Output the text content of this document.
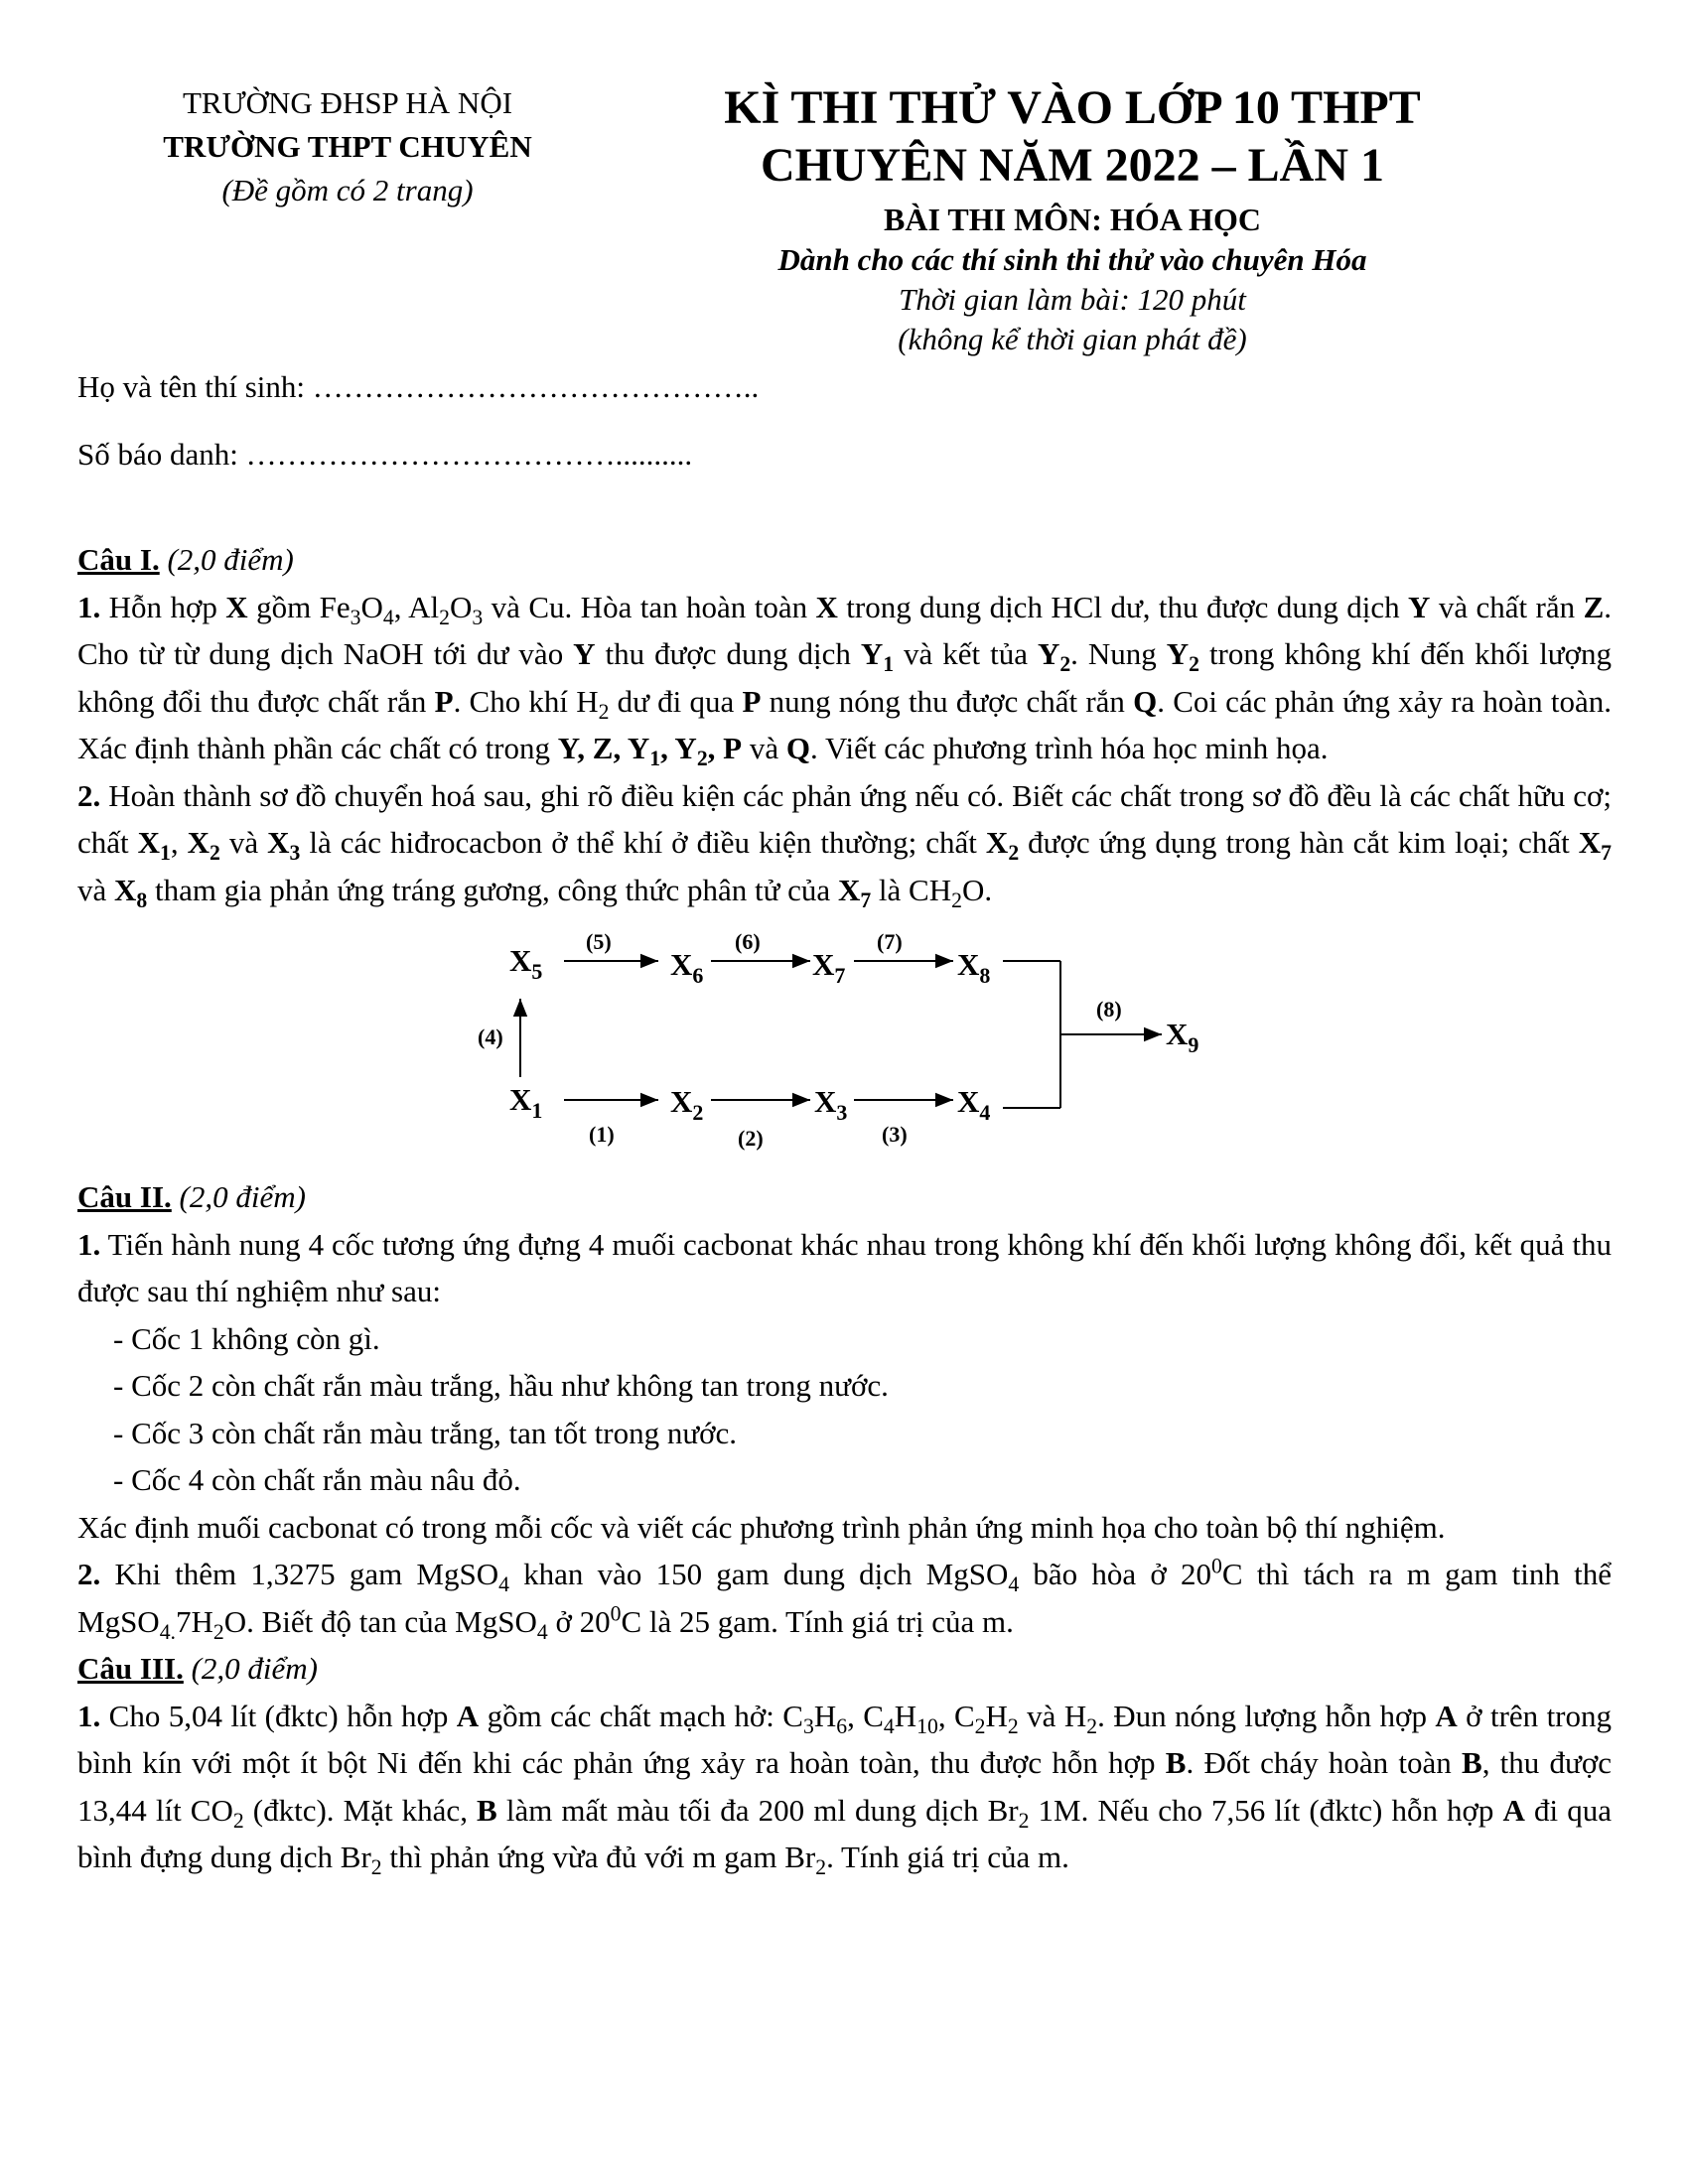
TRƯỜNG ĐHSP HÀ NỘI
TRƯỜNG THPT CHUYÊN
(Đề gồm có 2 trang)
KÌ THI THỬ VÀO LỚP 10 THPT
CHUYÊN NĂM 2022 – LẦN 1
BÀI THI MÔN: HÓA HỌC
Dành cho các thí sinh thi thử vào chuyên Hóa
Thời gian làm bài: 120 phút
(không kể thời gian phát đề)
Họ và tên thí sinh: ……………………………………..
Số báo danh: ………………………………..........

Câu I. (2,0 điểm)

1. Hỗn hợp X gồm $Fe_3O_4$, $Al_2O_3$ và Cu. Hòa tan hoàn toàn X trong dung dịch HCl dư, thu được dung dịch Y và chất rắn Z. Cho từ từ dung dịch NaOH tới dư vào Y thu được dung dịch $Y_1$ và kết tủa $Y_2$. Nung $Y_2$ trong không khí đến khối lượng không đổi thu được chất rắn P. Cho khí $H_2$ dư đi qua P nung nóng thu được chất rắn Q. Coi các phản ứng xảy ra hoàn toàn. Xác định thành phần các chất có trong Y, Z, $Y_1$, $Y_2$, P và Q. Viết các phương trình hóa học minh họa.

2. Hoàn thành sơ đồ chuyển hoá sau, ghi rõ điều kiện các phản ứng nếu có. Biết các chất trong sơ đồ đều là các chất hữu cơ; chất $X_1$, $X_2$ và $X_3$ là các hiđrocacbon ở thể khí ở điều kiện thường; chất $X_2$ được ứng dụng trong hàn cắt kim loại; chất $X_7$ và $X_8$ tham gia phản ứng tráng gương, công thức phân tử của $X_7$ là $CH_2O$.

$X_5$
(5)
$X_6$
(6)
$X_7$
(7)
$X_8$
(8)
$X_9$
(4)
$X_1$
(1)
$X_2$
(2)
$X_3$
(3)
$X_4$

Câu II. (2,0 điểm)

1. Tiến hành nung 4 cốc tương ứng đựng 4 muối cacbonat khác nhau trong không khí đến khối lượng không đổi, kết quả thu được sau thí nghiệm như sau:

- Cốc 1 không còn gì.
- Cốc 2 còn chất rắn màu trắng, hầu như không tan trong nước.
- Cốc 3 còn chất rắn màu trắng, tan tốt trong nước.
- Cốc 4 còn chất rắn màu nâu đỏ.

Xác định muối cacbonat có trong mỗi cốc và viết các phương trình phản ứng minh họa cho toàn bộ thí nghiệm.

2. Khi thêm 1,3275 gam MgSO$_4$ khan vào 150 gam dung dịch MgSO$_4$ bão hòa ở $20^0C$ thì tách ra m gam tinh thể $MgSO_{4.}7H_2O$. Biết độ tan của MgSO$_4$ ở $20^0C$ là 25 gam. Tính giá trị của m.

Câu III. (2,0 điểm)

1. Cho 5,04 lít (đktc) hỗn hợp A gồm các chất mạch hở: $C_3H_6$, $C_4H_{10}$, $C_2H_2$ và $H_2$. Đun nóng lượng hỗn hợp A ở trên trong bình kín với một ít bột Ni đến khi các phản ứng xảy ra hoàn toàn, thu được hỗn hợp B. Đốt cháy hoàn toàn B, thu được 13,44 lít $CO_2$ (đktc). Mặt khác, B làm mất màu tối đa 200 ml dung dịch $Br_2$ 1M. Nếu cho 7,56 lít (đktc) hỗn hợp A đi qua bình đựng dung dịch $Br_2$ thì phản ứng vừa đủ với m gam $Br_2$. Tính giá trị của m.
